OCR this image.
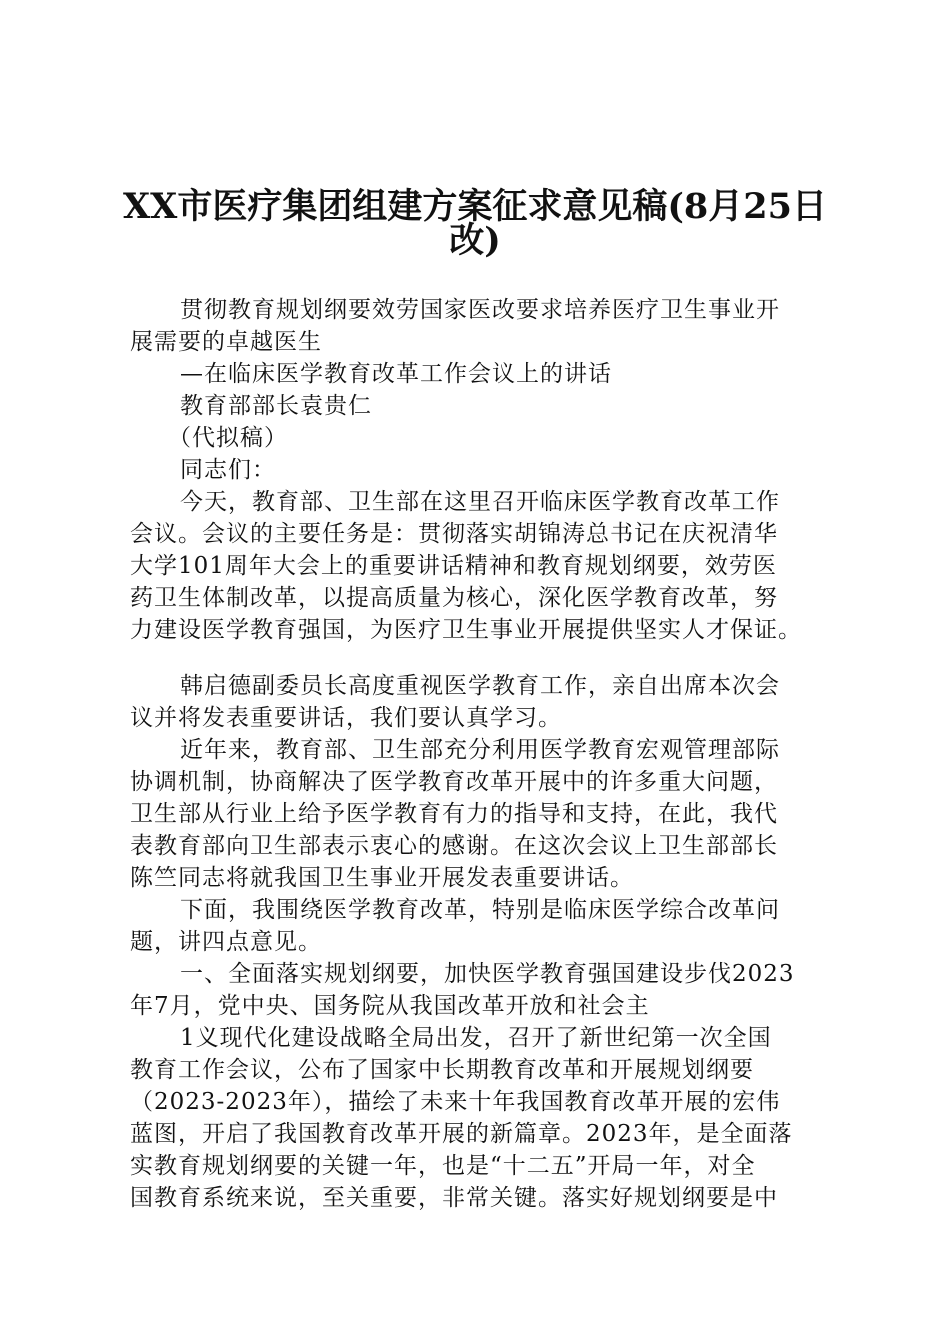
XX市医疗集团组建方案征求意见稿(8月25日
改)
贯彻教育规划纲要效劳国家医改要求培养医疗卫生事业开
展需要的卓越医生
—在临床医学教育改革工作会议上的讲话
教育部部长袁贵仁
（代拟稿）
同志们：
今天，教育部、卫生部在这里召开临床医学教育改革工作
会议。会议的主要任务是：贯彻落实胡锦涛总书记在庆祝清华
大学101周年大会上的重要讲话精神和教育规划纲要，效劳医
药卫生体制改革，以提高质量为核心，深化医学教育改革，努
力建设医学教育强国，为医疗卫生事业开展提供坚实人才保证。
韩启德副委员长高度重视医学教育工作，亲自出席本次会
议并将发表重要讲话，我们要认真学习。
近年来，教育部、卫生部充分利用医学教育宏观管理部际
协调机制，协商解决了医学教育改革开展中的许多重大问题，
卫生部从行业上给予医学教育有力的指导和支持，在此，我代
表教育部向卫生部表示衷心的感谢。在这次会议上卫生部部长
陈竺同志将就我国卫生事业开展发表重要讲话。
下面，我围绕医学教育改革，特别是临床医学综合改革问
题，讲四点意见。
一、全面落实规划纲要，加快医学教育强国建设步伐2023
年7月，党中央、国务院从我国改革开放和社会主
1义现代化建设战略全局出发，召开了新世纪第一次全国
教育工作会议，公布了国家中长期教育改革和开展规划纲要
（2023-2023年），描绘了未来十年我国教育改革开展的宏伟
蓝图，开启了我国教育改革开展的新篇章。2023年，是全面落
实教育规划纲要的关键一年，也是“十二五”开局一年，对全
国教育系统来说，至关重要，非常关键。落实好规划纲要是中
